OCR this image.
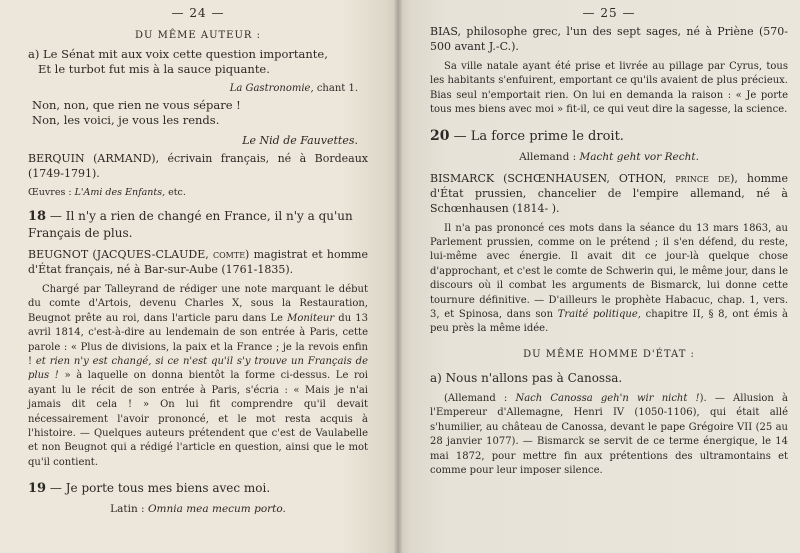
— 24 —
DU MÊME AUTEUR :

a) Le Sénat mit aux voix cette question importante,

Et le turbot fut mis à la sauce piquante.

La Gastronomie, chant 1.

Non, non, que rien ne vous sépare !

Non, les voici, je vous les rends.

Le Nid de Fauvettes.

BERQUIN (ARMAND), écrivain français, né à Bordeaux (1749-1791).

Œuvres : L'Ami des Enfants, etc.

18 — Il n'y a rien de changé en France, il n'y a qu'un Français de plus.

BEUGNOT (JACQUES-CLAUDE, comte) magistrat et homme d'État français, né à Bar-sur-Aube (1761-1835).

Chargé par Talleyrand de rédiger une note marquant le début du comte d'Artois, devenu Charles X, sous la Restauration, Beugnot prête au roi, dans l'article paru dans Le Moniteur du 13 avril 1814, c'est-à-dire au lendemain de son entrée à Paris, cette parole : « Plus de divisions, la paix et la France ; je la revois enfin ! et rien n'y est changé, si ce n'est qu'il s'y trouve un Français de plus ! » à laquelle on donna bientôt la forme ci-dessus. Le roi ayant lu le récit de son entrée à Paris, s'écria : « Mais je n'ai jamais dit cela ! » On lui fit comprendre qu'il devait nécessairement l'avoir prononcé, et le mot resta acquis à l'histoire. — Quelques auteurs prétendent que c'est de Vaulabelle et non Beugnot qui a rédigé l'article en question, ainsi que le mot qu'il contient.

19 — Je porte tous mes biens avec moi.

Latin : Omnia mea mecum porto.

— 25 —

BIAS, philosophe grec, l'un des sept sages, né à Priène (570-500 avant J.-C.).

Sa ville natale ayant été prise et livrée au pillage par Cyrus, tous les habitants s'enfuirent, emportant ce qu'ils avaient de plus précieux. Bias seul n'emportait rien. On lui en demanda la raison : « Je porte tous mes biens avec moi » fit-il, ce qui veut dire la sagesse, la science.

20 — La force prime le droit.

Allemand : Macht geht vor Recht.

BISMARCK (SCHŒNHAUSEN, OTHON, prince de), homme d'État prussien, chancelier de l'empire allemand, né à Schœnhausen (1814- ).

Il n'a pas prononcé ces mots dans la séance du 13 mars 1863, au Parlement prussien, comme on le prétend ; il s'en défend, du reste, lui-même avec énergie. Il avait dit ce jour-là quelque chose d'approchant, et c'est le comte de Schwerin qui, le même jour, dans le discours où il combat les arguments de Bismarck, lui donne cette tournure définitive. — D'ailleurs le prophète Habacuc, chap. 1, vers. 3, et Spinosa, dans son Traité politique, chapitre II, § 8, ont émis à peu près la même idée.

DU MÊME HOMME D'ÉTAT :

a) Nous n'allons pas à Canossa.

(Allemand : Nach Canossa geh'n wir nicht !). — Allusion à l'Empereur d'Allemagne, Henri IV (1050-1106), qui était allé s'humilier, au château de Canossa, devant le pape Grégoire VII (25 au 28 janvier 1077). — Bismarck se servit de ce terme énergique, le 14 mai 1872, pour mettre fin aux prétentions des ultramontains et comme pour leur imposer silence.
